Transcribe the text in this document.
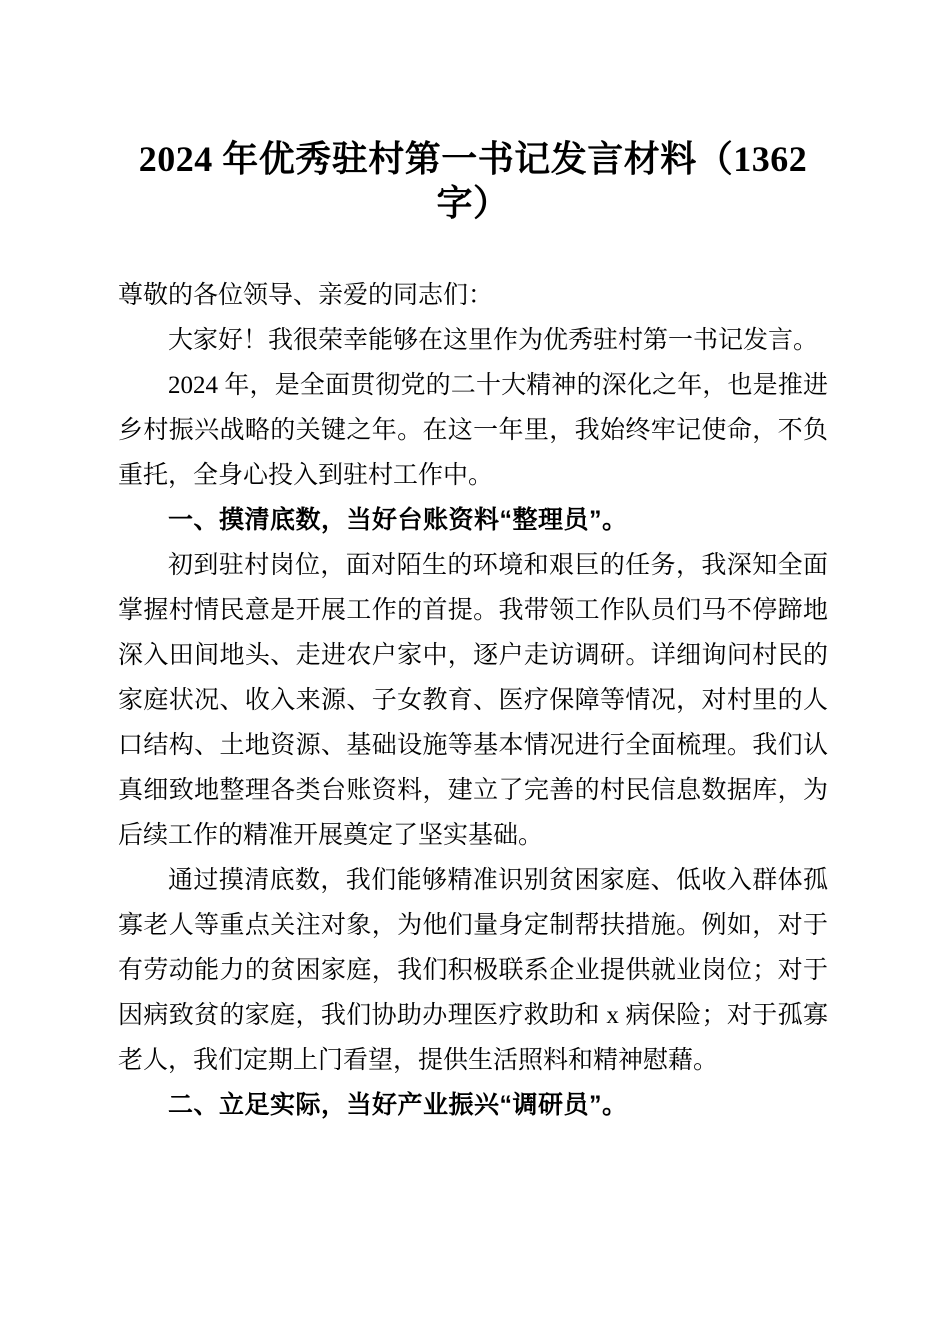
2024 年优秀驻村第一书记发言材料（1362
字）

尊敬的各位领导、亲爱的同志们：

大家好！我很荣幸能够在这里作为优秀驻村第一书记发言。

2024 年，是全面贯彻党的二十大精神的深化之年，也是推进乡村振兴战略的关键之年。在这一年里，我始终牢记使命，不负重托，全身心投入到驻村工作中。

一、摸清底数，当好台账资料“整理员”。

初到驻村岗位，面对陌生的环境和艰巨的任务，我深知全面掌握村情民意是开展工作的首提。我带领工作队员们马不停蹄地深入田间地头、走进农户家中，逐户走访调研。详细询问村民的家庭状况、收入来源、子女教育、医疗保障等情况，对村里的人口结构、土地资源、基础设施等基本情况进行全面梳理。我们认真细致地整理各类台账资料，建立了完善的村民信息数据库，为后续工作的精准开展奠定了坚实基础。

通过摸清底数，我们能够精准识别贫困家庭、低收入群体孤寡老人等重点关注对象，为他们量身定制帮扶措施。例如，对于有劳动能力的贫困家庭，我们积极联系企业提供就业岗位；对于因病致贫的家庭，我们协助办理医疗救助和 x 病保险；对于孤寡老人，我们定期上门看望，提供生活照料和精神慰藉。

二、立足实际，当好产业振兴“调研员”。
